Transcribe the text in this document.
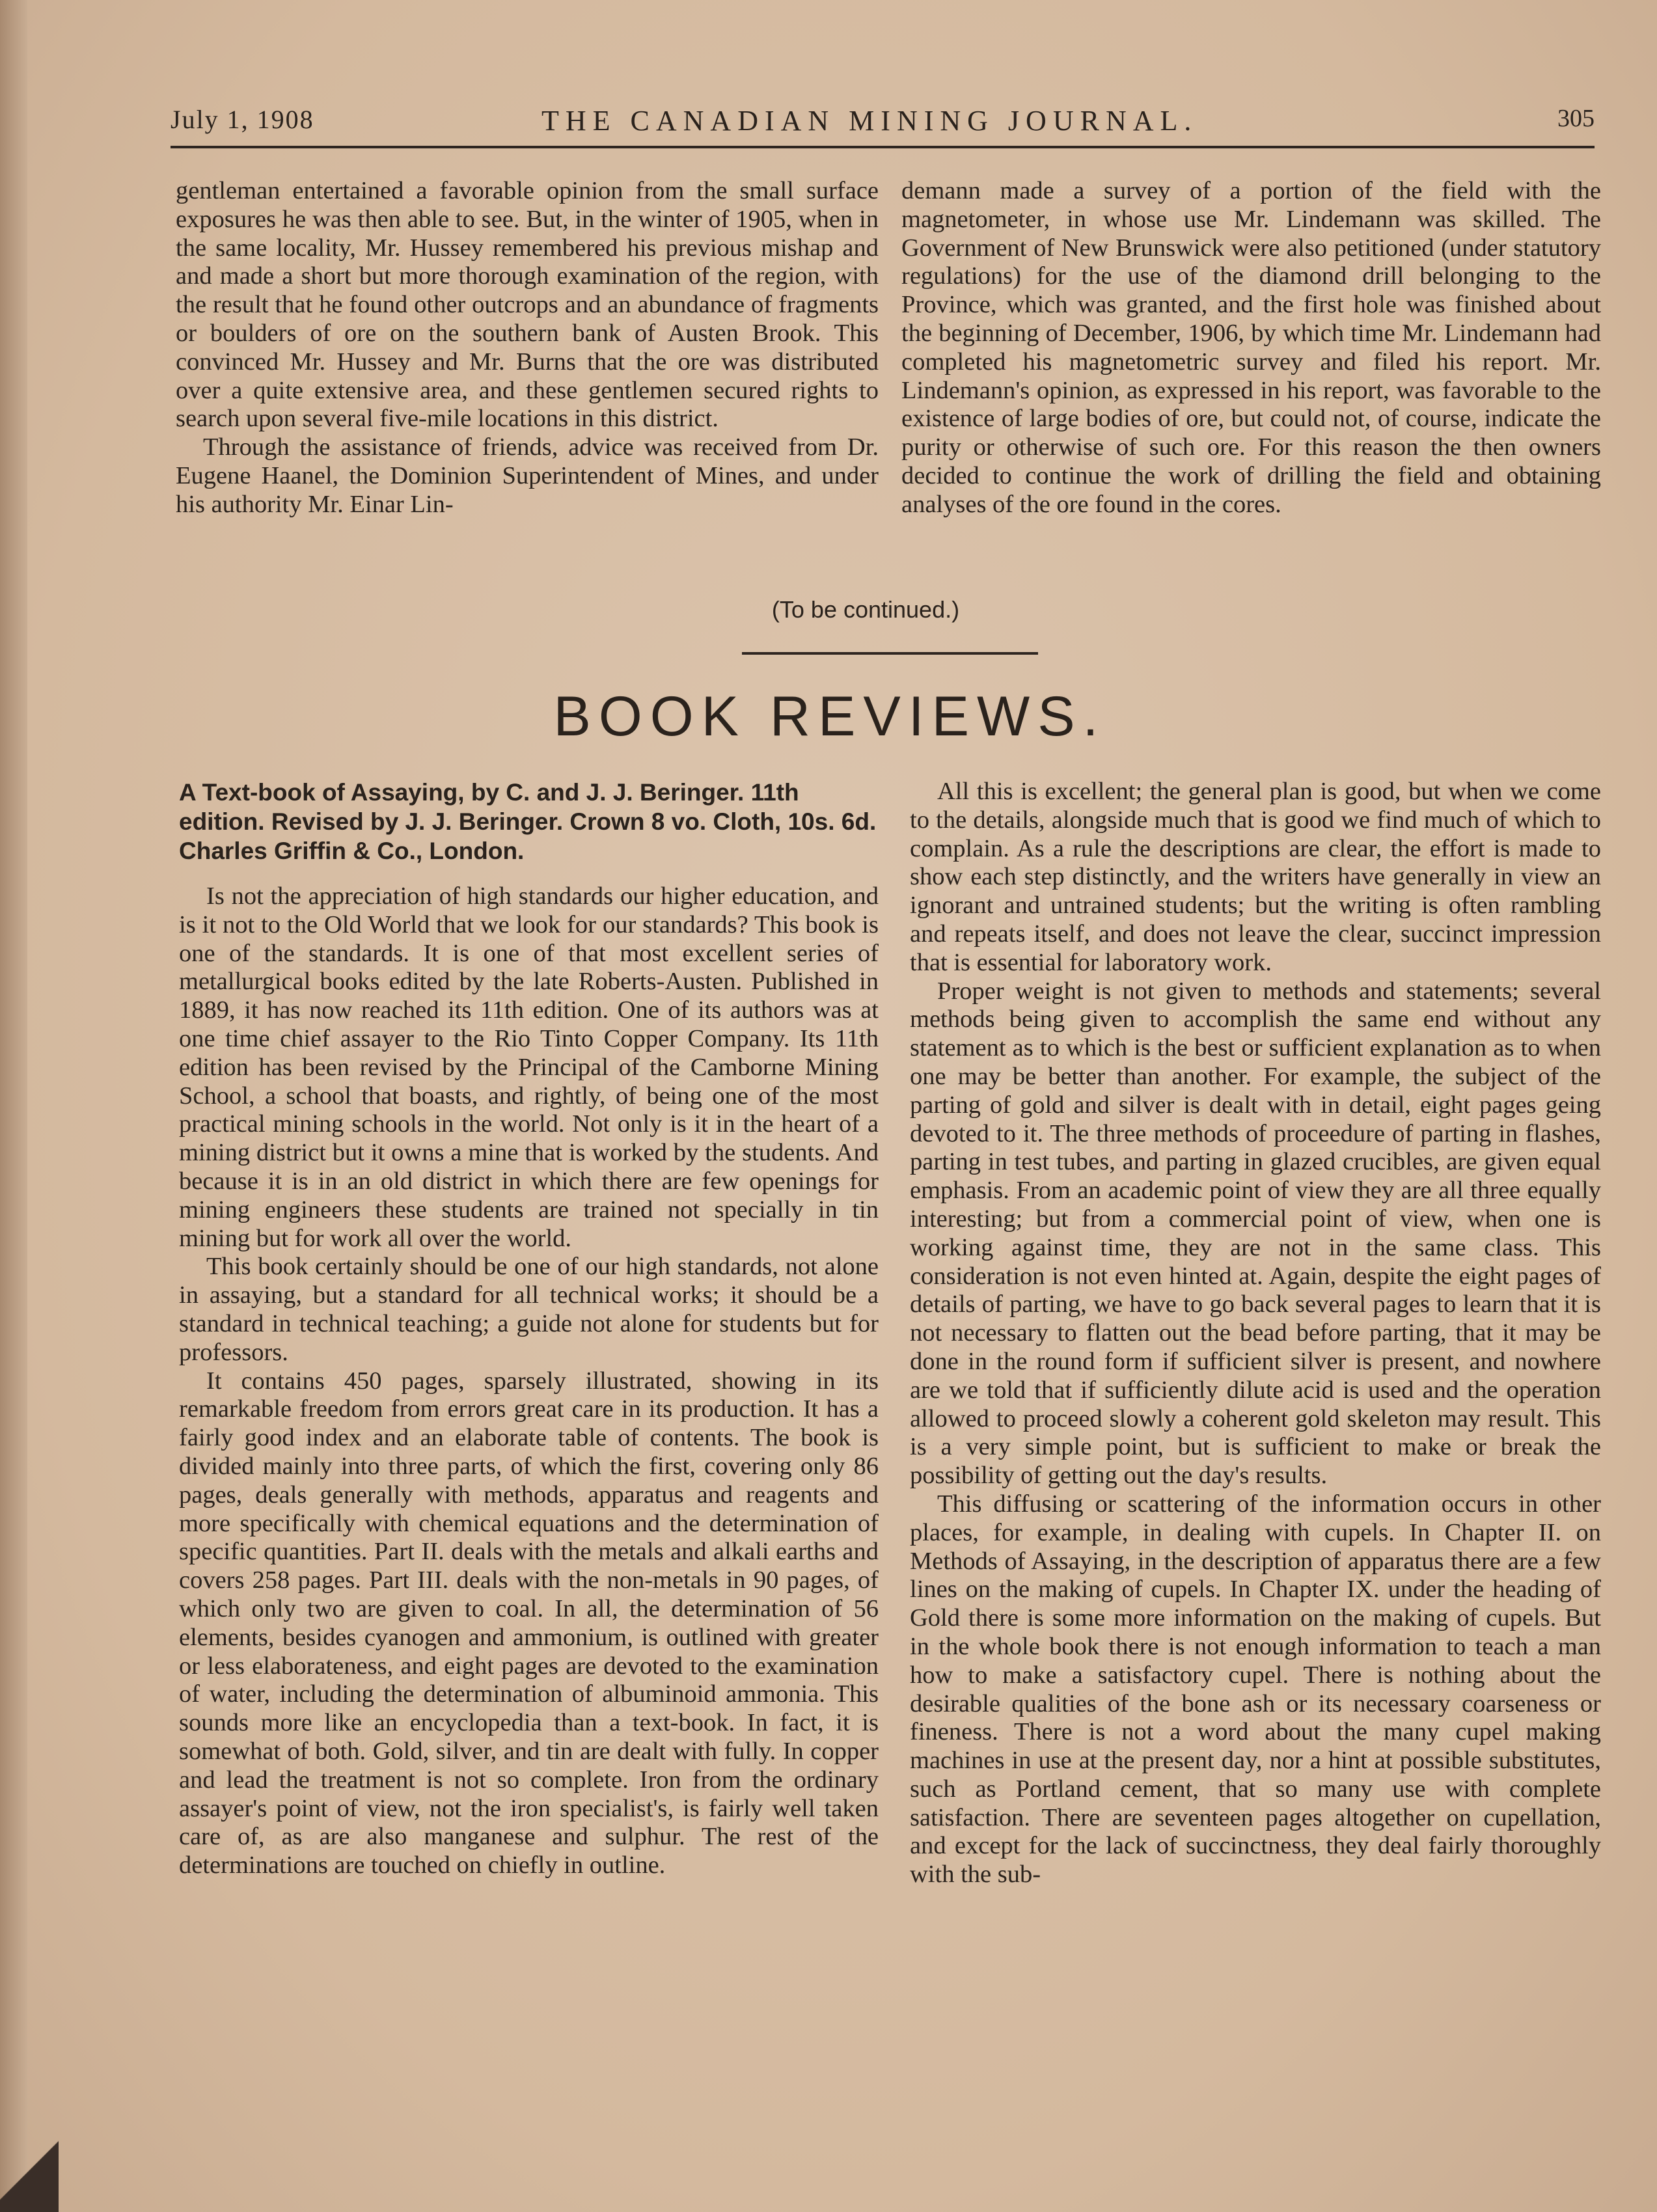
July 1, 1908	THE CANADIAN MINING JOURNAL.	305

gentleman entertained a favorable opinion from the small surface exposures he was then able to see. But, in the winter of 1905, when in the same locality, Mr. Hussey remembered his previous mishap and and made a short but more thorough examination of the region, with the result that he found other outcrops and an abundance of fragments or boulders of ore on the southern bank of Austen Brook. This convinced Mr. Hussey and Mr. Burns that the ore was distributed over a quite extensive area, and these gentlemen secured rights to search upon several five-mile locations in this district.

Through the assistance of friends, advice was received from Dr. Eugene Haanel, the Dominion Superintendent of Mines, and under his authority Mr. Einar Lin-

demann made a survey of a portion of the field with the magnetometer, in whose use Mr. Lindemann was skilled. The Government of New Brunswick were also petitioned (under statutory regulations) for the use of the diamond drill belonging to the Province, which was granted, and the first hole was finished about the beginning of December, 1906, by which time Mr. Lindemann had completed his magnetometric survey and filed his report. Mr. Lindemann's opinion, as expressed in his report, was favorable to the existence of large bodies of ore, but could not, of course, indicate the purity or otherwise of such ore. For this reason the then owners decided to continue the work of drilling the field and obtaining analyses of the ore found in the cores.

(To be continued.)
BOOK REVIEWS.
A Text-book of Assaying, by C. and J. J. Beringer. 11th edition. Revised by J. J. Beringer. Crown 8 vo. Cloth, 10s. 6d. Charles Griffin & Co., London.

Is not the appreciation of high standards our higher education, and is it not to the Old World that we look for our standards? This book is one of the standards. It is one of that most excellent series of metallurgical books edited by the late Roberts-Austen. Published in 1889, it has now reached its 11th edition. One of its authors was at one time chief assayer to the Rio Tinto Copper Company. Its 11th edition has been revised by the Principal of the Camborne Mining School, a school that boasts, and rightly, of being one of the most practical mining schools in the world. Not only is it in the heart of a mining district but it owns a mine that is worked by the students. And because it is in an old district in which there are few openings for mining engineers these students are trained not specially in tin mining but for work all over the world.

This book certainly should be one of our high standards, not alone in assaying, but a standard for all technical works; it should be a standard in technical teaching; a guide not alone for students but for professors.

It contains 450 pages, sparsely illustrated, showing in its remarkable freedom from errors great care in its production. It has a fairly good index and an elaborate table of contents. The book is divided mainly into three parts, of which the first, covering only 86 pages, deals generally with methods, apparatus and reagents and more specifically with chemical equations and the determination of specific quantities. Part II. deals with the metals and alkali earths and covers 258 pages. Part III. deals with the non-metals in 90 pages, of which only two are given to coal. In all, the determination of 56 elements, besides cyanogen and ammonium, is outlined with greater or less elaborateness, and eight pages are devoted to the examination of water, including the determination of albuminoid ammonia. This sounds more like an encyclopedia than a text-book. In fact, it is somewhat of both. Gold, silver, and tin are dealt with fully. In copper and lead the treatment is not so complete. Iron from the ordinary assayer's point of view, not the iron specialist's, is fairly well taken care of, as are also manganese and sulphur. The rest of the determinations are touched on chiefly in outline.

All this is excellent; the general plan is good, but when we come to the details, alongside much that is good we find much of which to complain. As a rule the descriptions are clear, the effort is made to show each step distinctly, and the writers have generally in view an ignorant and untrained students; but the writing is often rambling and repeats itself, and does not leave the clear, succinct impression that is essential for laboratory work.

Proper weight is not given to methods and statements; several methods being given to accomplish the same end without any statement as to which is the best or sufficient explanation as to when one may be better than another. For example, the subject of the parting of gold and silver is dealt with in detail, eight pages geing devoted to it. The three methods of proceedure of parting in flashes, parting in test tubes, and parting in glazed crucibles, are given equal emphasis. From an academic point of view they are all three equally interesting; but from a commercial point of view, when one is working against time, they are not in the same class. This consideration is not even hinted at. Again, despite the eight pages of details of parting, we have to go back several pages to learn that it is not necessary to flatten out the bead before parting, that it may be done in the round form if sufficient silver is present, and nowhere are we told that if sufficiently dilute acid is used and the operation allowed to proceed slowly a coherent gold skeleton may result. This is a very simple point, but is sufficient to make or break the possibility of getting out the day's results.

This diffusing or scattering of the information occurs in other places, for example, in dealing with cupels. In Chapter II. on Methods of Assaying, in the description of apparatus there are a few lines on the making of cupels. In Chapter IX. under the heading of Gold there is some more information on the making of cupels. But in the whole book there is not enough information to teach a man how to make a satisfactory cupel. There is nothing about the desirable qualities of the bone ash or its necessary coarseness or fineness. There is not a word about the many cupel making machines in use at the present day, nor a hint at possible substitutes, such as Portland cement, that so many use with complete satisfaction. There are seventeen pages altogether on cupellation, and except for the lack of succinctness, they deal fairly thoroughly with the sub-
